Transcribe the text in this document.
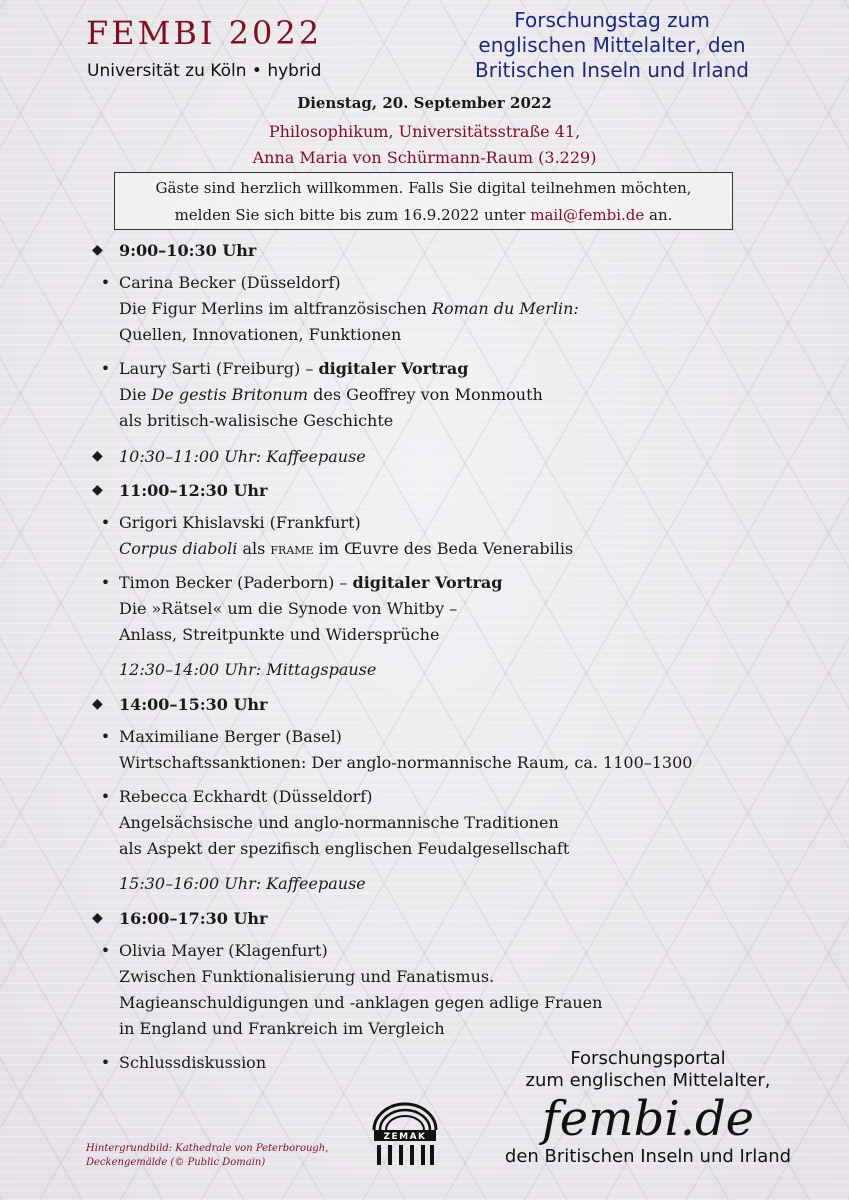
FEMBI 2022
Universität zu Köln • hybrid
Forschungstag zum
englischen Mittelalter, den
Britischen Inseln und Irland
Dienstag, 20. September 2022
Philosophikum, Universitätsstraße 41,
Anna Maria von Schürmann-Raum (3.229)
Gäste sind herzlich willkommen. Falls Sie digital teilnehmen möchten,
melden Sie sich bitte bis zum 16.9.2022 unter mail@fembi.de an.
◆	9:00–10:30 Uhr
• Carina Becker (Düsseldorf)
Die Figur Merlins im altfranzösischen Roman du Merlin:
Quellen, Innovationen, Funktionen
• Laury Sarti (Freiburg) – digitaler Vortrag
Die De gestis Britonum des Geoffrey von Monmouth
als britisch-walisische Geschichte
◆	10:30–11:00 Uhr: Kaffeepause
◆	11:00–12:30 Uhr
• Grigori Khislavski (Frankfurt)
Corpus diaboli als frame im Œuvre des Beda Venerabilis
• Timon Becker (Paderborn) – digitaler Vortrag
Die »Rätsel« um die Synode von Whitby –
Anlass, Streitpunkte und Widersprüche
12:30–14:00 Uhr: Mittagspause
◆	14:00–15:30 Uhr
• Maximiliane Berger (Basel)
Wirtschaftssanktionen: Der anglo-normannische Raum, ca. 1100–1300
• Rebecca Eckhardt (Düsseldorf)
Angelsächsische und anglo-normannische Traditionen
als Aspekt der spezifisch englischen Feudalgesellschaft
15:30–16:00 Uhr: Kaffeepause
◆	16:00–17:30 Uhr
• Olivia Mayer (Klagenfurt)
Zwischen Funktionalisierung und Fanatismus.
Magieanschuldigungen und -anklagen gegen adlige Frauen
in England und Frankreich im Vergleich
• Schlussdiskussion	Forschungsportal
zum englischen Mittelalter,
fembi.de
den Britischen Inseln und Irland
ZEMAK
Hintergrundbild: Kathedrale von Peterborough,
Deckengemälde (© Public Domain)
